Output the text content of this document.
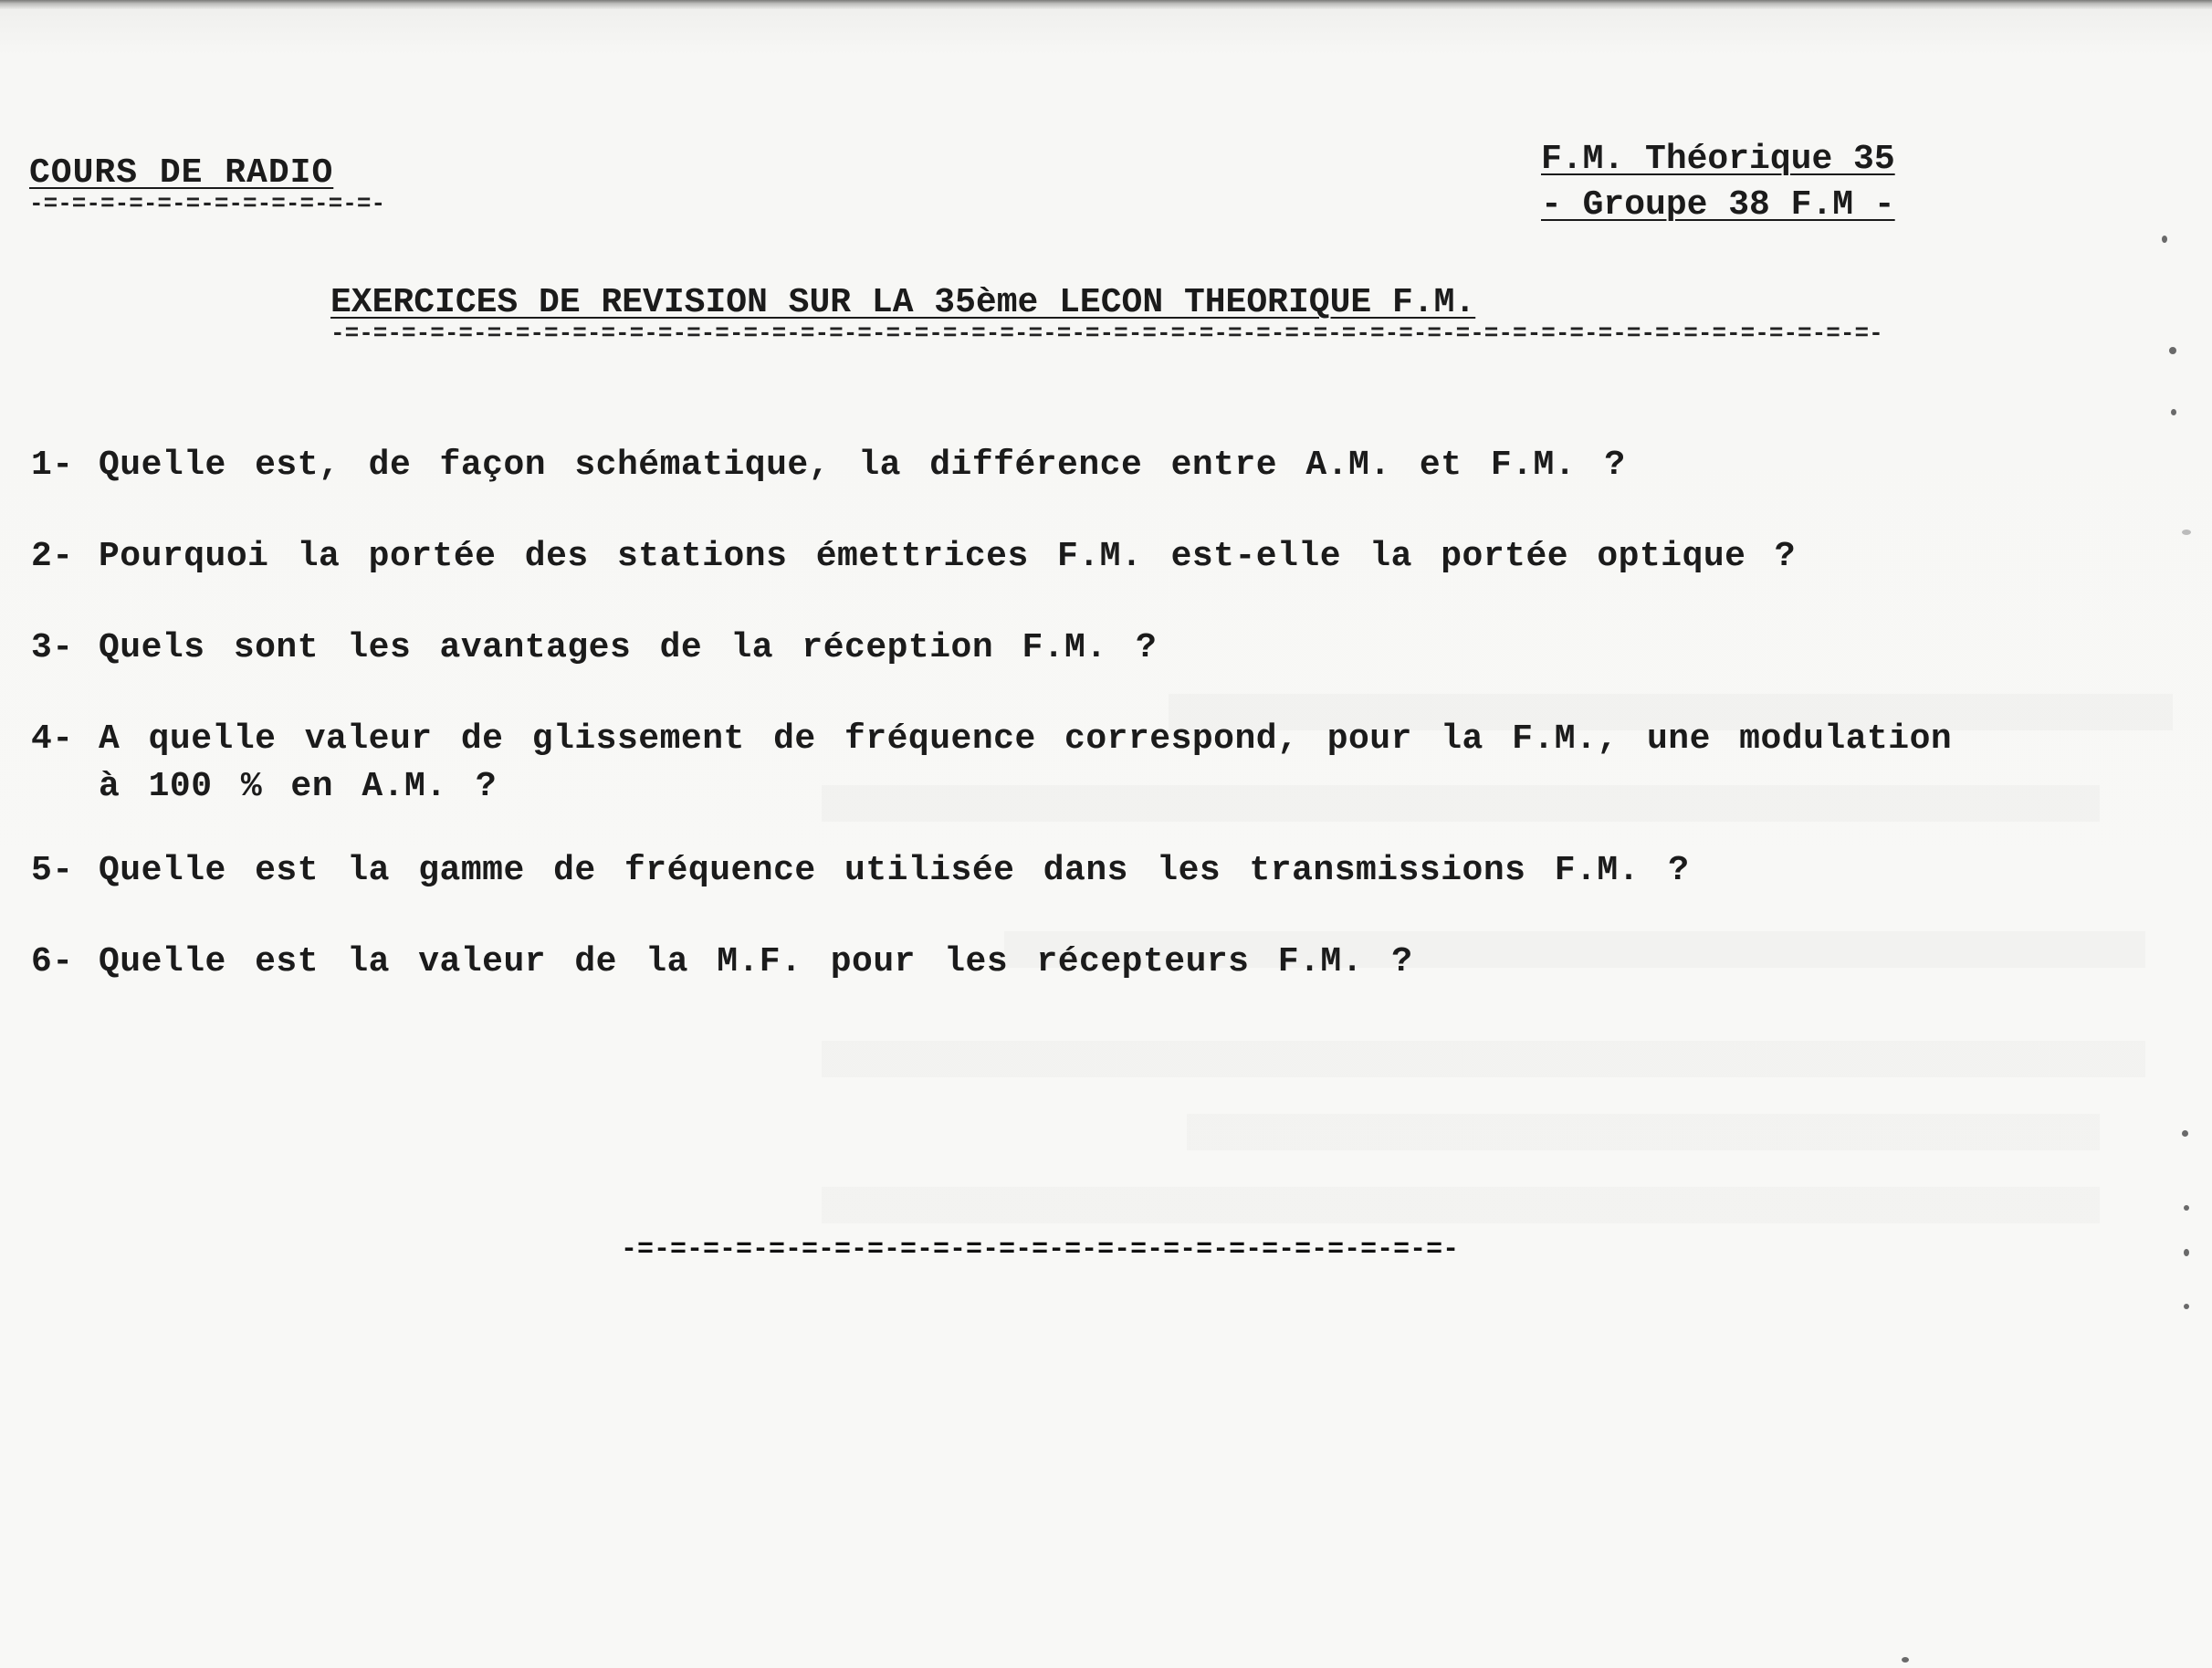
COURS DE RADIO
-=-=-=-=-=-=-=-=-=-=-=-=-
F.M. Théorique 35
- Groupe 38 F.M -
EXERCICES DE REVISION SUR LA 35ème LECON THEORIQUE F.M.
-=-=-=-=-=-=-=-=-=-=-=-=-=-=-=-=-=-=-=-=-=-=-=-=-=-=-=-=-=-=-=-=-=-=-=-=-=-=-=-=-=-=-=-=-=-=-=-=-=-=-=-=-=-=-
1- Quelle est, de façon schématique, la différence entre A.M. et F.M. ?
2- Pourquoi la portée des stations émettrices F.M. est-elle la portée optique ?
3- Quels sont les avantages de la réception F.M. ?
4- A quelle valeur de glissement de fréquence correspond, pour la F.M., une modulation à 100 % en A.M. ?
5- Quelle est la gamme de fréquence utilisée dans les transmissions F.M. ?
6- Quelle est la valeur de la M.F. pour les récepteurs F.M. ?
-=-=-=-=-=-=-=-=-=-=-=-=-=-=-=-=-=-=-=-=-=-=-=-=-=-
